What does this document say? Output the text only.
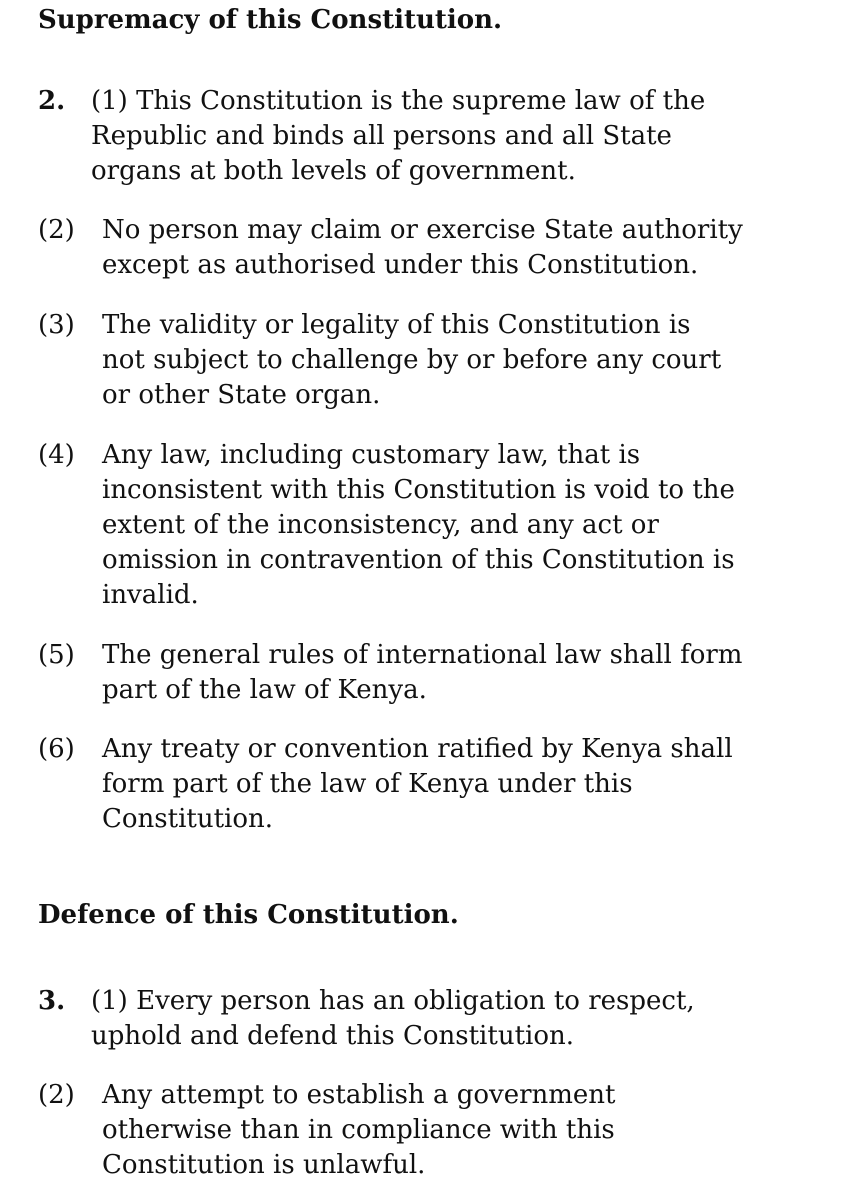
Supremacy of this Constitution.
2. (1) This Constitution is the supreme law of the
Republic and binds all persons and all State
organs at both levels of government.
(2) No person may claim or exercise State authority
except as authorised under this Constitution.
(3) The validity or legality of this Constitution is
not subject to challenge by or before any court
or other State organ.
(4) Any law, including customary law, that is
inconsistent with this Constitution is void to the
extent of the inconsistency, and any act or
omission in contravention of this Constitution is
invalid.
(5) The general rules of international law shall form
part of the law of Kenya.
(6) Any treaty or convention ratified by Kenya shall
form part of the law of Kenya under this
Constitution.
Defence of this Constitution.
3. (1) Every person has an obligation to respect,
uphold and defend this Constitution.
(2) Any attempt to establish a government
otherwise than in compliance with this
Constitution is unlawful.
